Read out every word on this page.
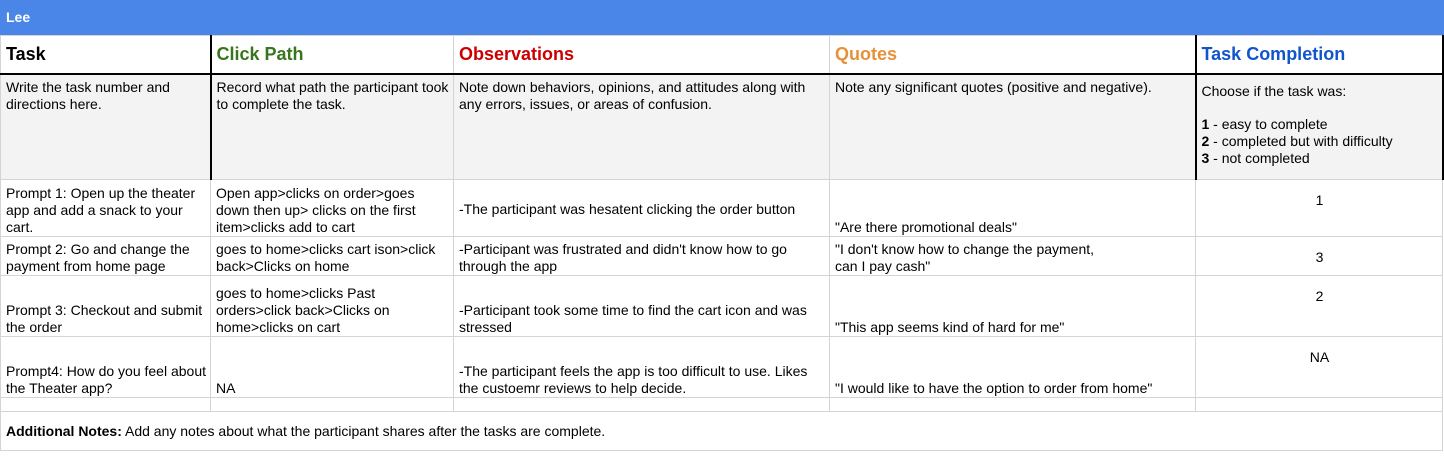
Lee
Task	Click Path	Observations	Quotes	Task Completion
Write the task number and directions here.	Record what path the participant took to complete the task.	Note down behaviors, opinions, and attitudes along with any errors, issues, or areas of confusion.	Note any significant quotes (positive and negative).	Choose if the task was:
1 - easy to complete
2 - completed but with difficulty
3 - not completed

Prompt 1: Open up the theater app and add a snack to your cart.	Open app>clicks on order>goes down then up> clicks on the first item>clicks add to cart	-The participant was hesatent clicking the order button	"Are there promotional deals"	1
Prompt 2: Go and change the payment from home page	goes to home>clicks cart ison>click back>Clicks on home	-Participant was frustrated and didn't know how to go through the app	"I don't know how to change the payment,
can I pay cash"	3
Prompt 3: Checkout and submit the order	goes to home>clicks Past orders>click back>Clicks on home>clicks on cart	-Participant took some time to find the cart icon and was stressed	"This app seems kind of hard for me"	2
Prompt4: How do you feel about the Theater app?	NA	-The participant feels the app is too difficult to use. Likes the custoemr reviews to help decide.	"I would like to have the option to order from home"	NA

Additional Notes: Add any notes about what the participant shares after the tasks are complete.				
